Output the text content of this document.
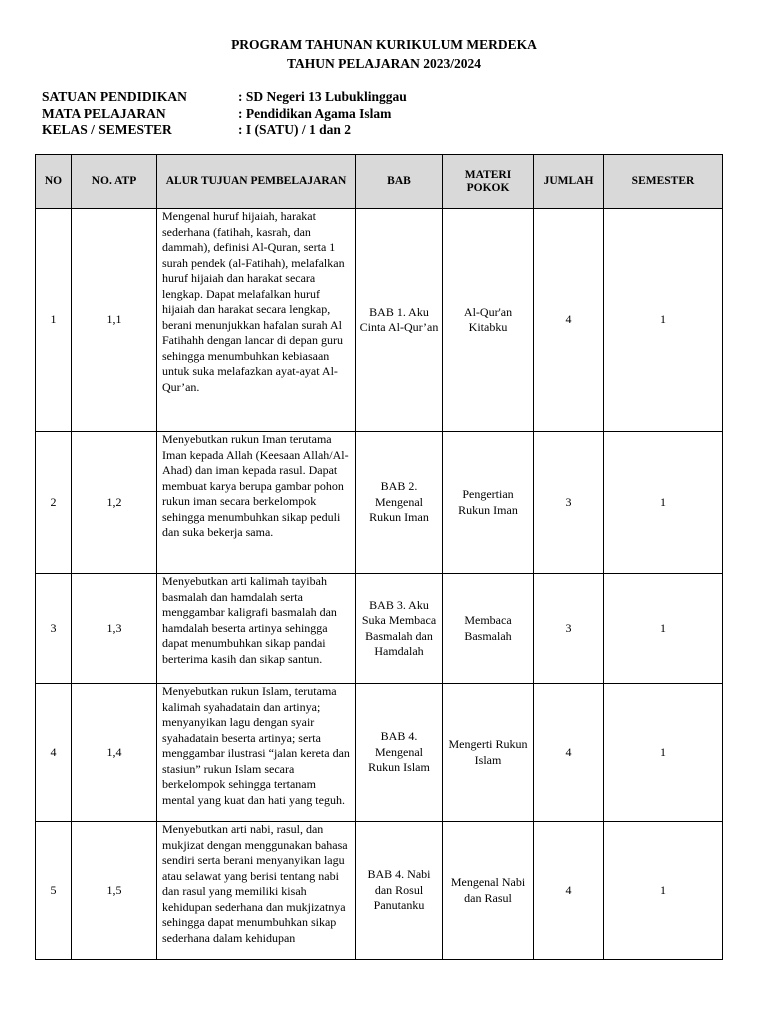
PROGRAM TAHUNAN KURIKULUM MERDEKA
TAHUN PELAJARAN 2023/2024
SATUAN PENDIDIKAN	: SD Negeri 13 Lubuklinggau
MATA PELAJARAN	: Pendidikan Agama Islam
KELAS / SEMESTER	: I (SATU) / 1 dan 2
NO	NO. ATP	ALUR TUJUAN PEMBELAJARAN	BAB	MATERI POKOK	JUMLAH	SEMESTER
1	1,1	Mengenal huruf hijaiah, harakat sederhana (fatihah, kasrah, dan dammah), definisi Al-Quran, serta 1 surah pendek (al-Fatihah), melafalkan huruf hijaiah dan harakat secara lengkap. Dapat melafalkan huruf hijaiah dan harakat secara lengkap, berani menunjukkan hafalan surah Al Fatihahh dengan lancar di depan guru sehingga menumbuhkan kebiasaan untuk suka melafazkan ayat-ayat Al-Qur’an.	BAB 1. Aku Cinta Al-Qur’an	Al-Qur'an Kitabku	4	1
2	1,2	Menyebutkan rukun Iman terutama Iman kepada Allah (Keesaan Allah/Al-Ahad) dan iman kepada rasul. Dapat membuat karya berupa gambar pohon rukun iman secara berkelompok sehingga menumbuhkan sikap peduli dan suka bekerja sama.	BAB 2. Mengenal Rukun Iman	Pengertian Rukun Iman	3	1
3	1,3	Menyebutkan arti kalimah tayibah basmalah dan hamdalah serta menggambar kaligrafi basmalah dan hamdalah beserta artinya sehingga dapat menumbuhkan sikap pandai berterima kasih dan sikap santun.	BAB 3. Aku Suka Membaca Basmalah dan Hamdalah	Membaca Basmalah	3	1
4	1,4	Menyebutkan rukun Islam, terutama kalimah syahadatain dan artinya; menyanyikan lagu dengan syair syahadatain beserta artinya; serta menggambar ilustrasi “jalan kereta dan stasiun” rukun Islam secara berkelompok sehingga tertanam mental yang kuat dan hati yang teguh.	BAB 4. Mengenal Rukun Islam	Mengerti Rukun Islam	4	1
5	1,5	Menyebutkan arti nabi, rasul, dan mukjizat dengan menggunakan bahasa sendiri serta berani menyanyikan lagu atau selawat yang berisi tentang nabi dan rasul yang memiliki kisah kehidupan sederhana dan mukjizatnya sehingga dapat menumbuhkan sikap sederhana dalam kehidupan	BAB 4. Nabi dan Rosul Panutanku	Mengenal Nabi dan Rasul	4	1
